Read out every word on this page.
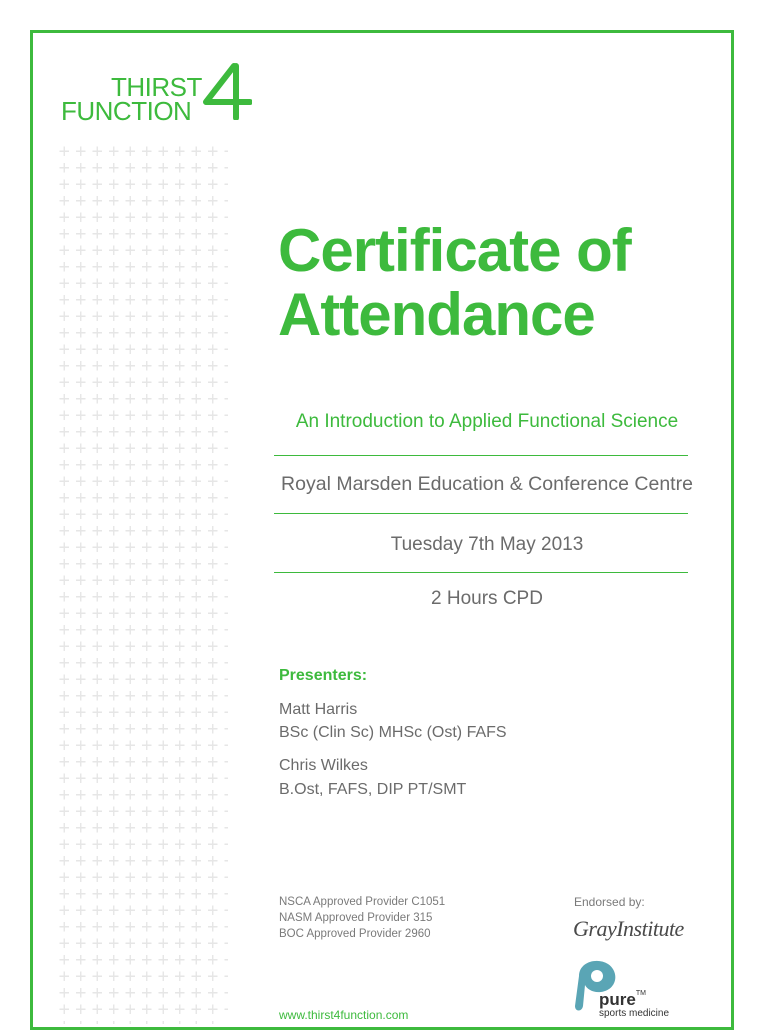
THIRST
FUNCTION
Certificate of
Attendance
An Introduction to Applied Functional Science
Royal Marsden Education & Conference Centre
Tuesday 7th May 2013
2 Hours CPD
Presenters:
Matt Harris
BSc (Clin Sc) MHSc (Ost) FAFS
Chris Wilkes
B.Ost, FAFS, DIP PT/SMT
NSCA Approved Provider C1051
NASM Approved Provider 315
BOC Approved Provider 2960
Endorsed by:
GrayInstitute
pure™
sports medicine
www.thirst4function.com
